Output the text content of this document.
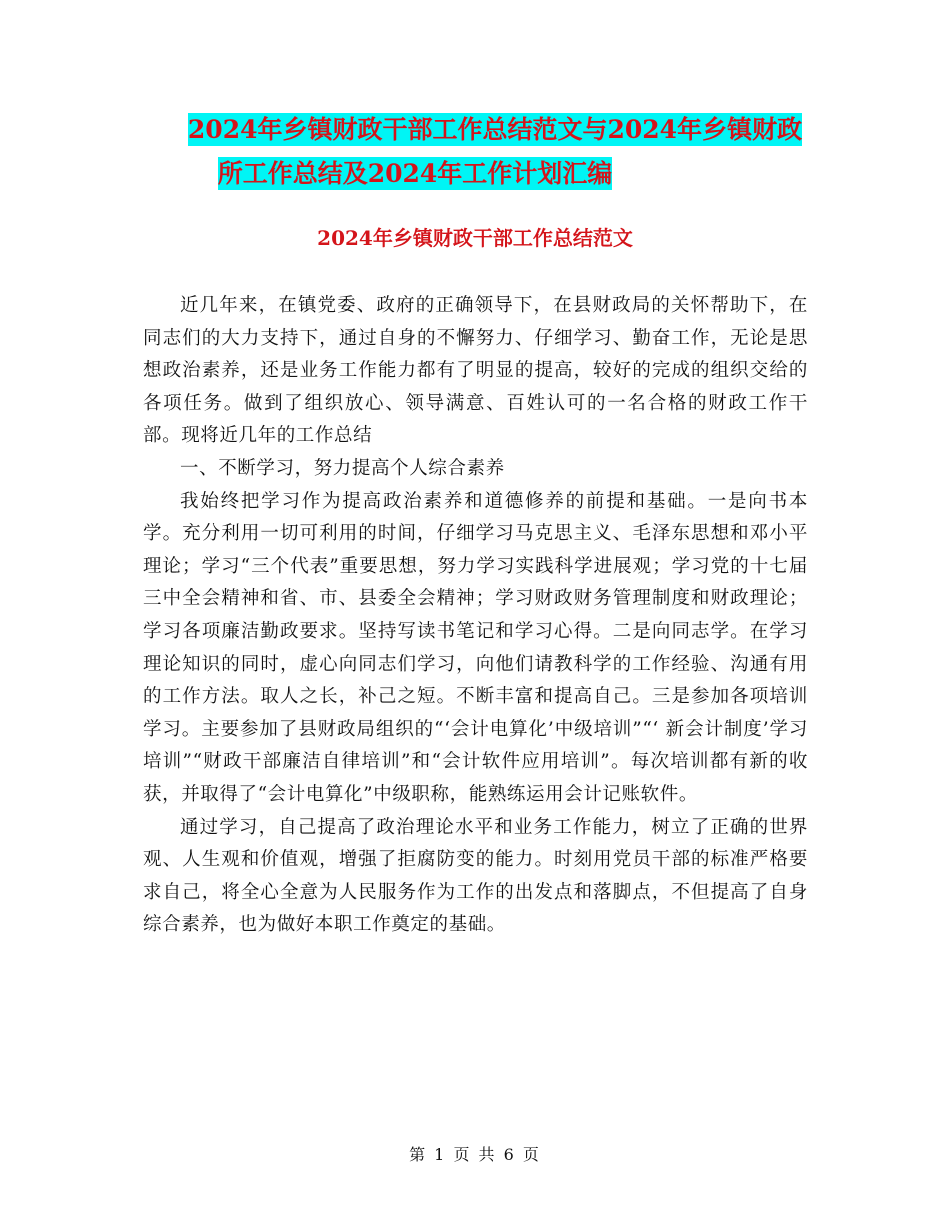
2024年乡镇财政干部工作总结范文与2024年乡镇财政
所工作总结及2024年工作计划汇编
2024年乡镇财政干部工作总结范文

近几年来，在镇党委、政府的正确领导下，在县财政局的关怀帮助下，在同志们的大力支持下，通过自身的不懈努力、仔细学习、勤奋工作，无论是思想政治素养，还是业务工作能力都有了明显的提高，较好的完成的组织交给的各项任务。做到了组织放心、领导满意、百姓认可的一名合格的财政工作干部。现将近几年的工作总结

一、不断学习，努力提高个人综合素养

我始终把学习作为提高政治素养和道德修养的前提和基础。一是向书本学。充分利用一切可利用的时间，仔细学习马克思主义、毛泽东思想和邓小平理论；学习“三个代表”重要思想，努力学习实践科学进展观；学习党的十七届三中全会精神和省、市、县委全会精神；学习财政财务管理制度和财政理论；学习各项廉洁勤政要求。坚持写读书笔记和学习心得。二是向同志学。在学习理论知识的同时，虚心向同志们学习，向他们请教科学的工作经验、沟通有用的工作方法。取人之长，补己之短。不断丰富和提高自己。三是参加各项培训学习。主要参加了县财政局组织的“‘会计电算化’中级培训”“‘ 新会计制度’学习培训”“财政干部廉洁自律培训”和“会计软件应用培训”。每次培训都有新的收获，并取得了“会计电算化”中级职称，能熟练运用会计记账软件。

通过学习，自己提高了政治理论水平和业务工作能力，树立了正确的世界观、人生观和价值观，增强了拒腐防变的能力。时刻用党员干部的标准严格要求自己，将全心全意为人民服务作为工作的出发点和落脚点，不但提高了自身综合素养，也为做好本职工作奠定的基础。

第 1 页 共 6 页
